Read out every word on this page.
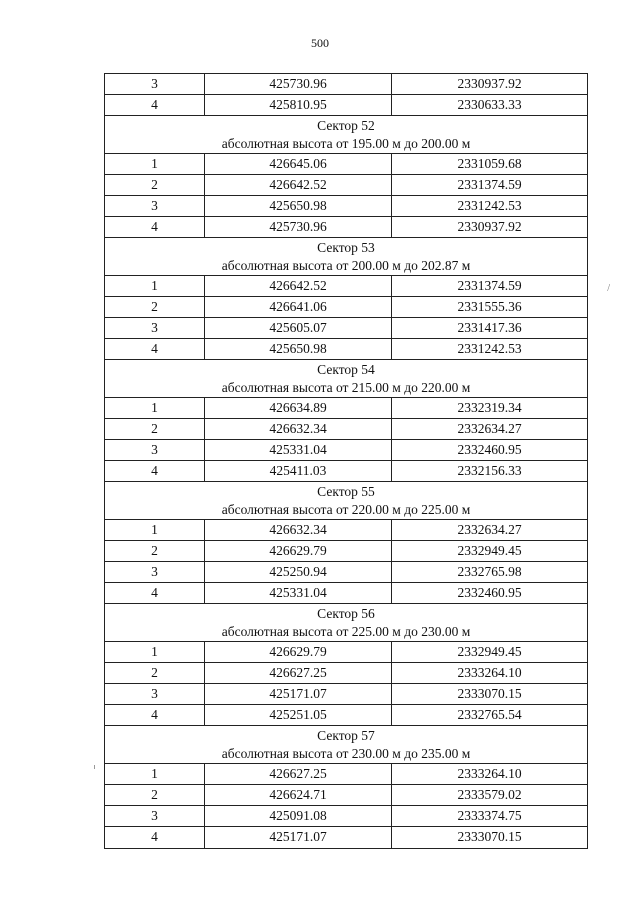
500
3	425730.96	2330937.92
4	425810.95	2330633.33
Сектор 52
абсолютная высота от 195.00 м до 200.00 м
1	426645.06	2331059.68
2	426642.52	2331374.59
3	425650.98	2331242.53
4	425730.96	2330937.92
Сектор 53
абсолютная высота от 200.00 м до 202.87 м
1	426642.52	2331374.59
2	426641.06	2331555.36
3	425605.07	2331417.36
4	425650.98	2331242.53
Сектор 54
абсолютная высота от 215.00 м до 220.00 м
1	426634.89	2332319.34
2	426632.34	2332634.27
3	425331.04	2332460.95
4	425411.03	2332156.33
Сектор 55
абсолютная высота от 220.00 м до 225.00 м
1	426632.34	2332634.27
2	426629.79	2332949.45
3	425250.94	2332765.98
4	425331.04	2332460.95
Сектор 56
абсолютная высота от 225.00 м до 230.00 м
1	426629.79	2332949.45
2	426627.25	2333264.10
3	425171.07	2333070.15
4	425251.05	2332765.54
Сектор 57
абсолютная высота от 230.00 м до 235.00 м
1	426627.25	2333264.10
2	426624.71	2333579.02
3	425091.08	2333374.75
4	425171.07	2333070.15
/
